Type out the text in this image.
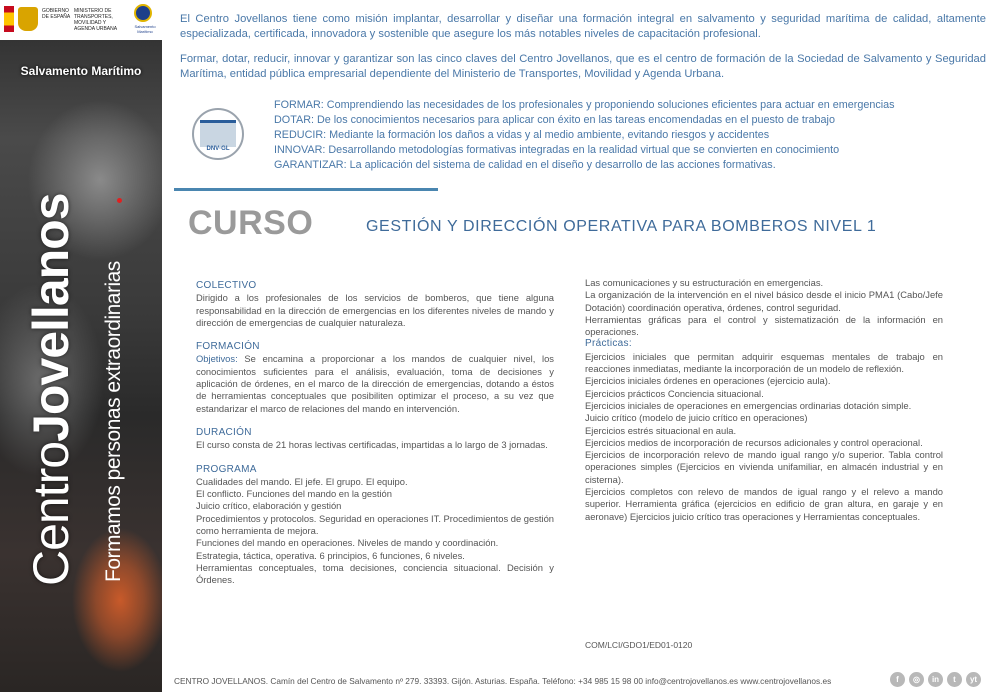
GOBIERNO DE ESPAÑA
MINISTERIO DE TRANSPORTES, MOVILIDAD Y AGENDA URBANA	Salvamento Marítimo
Salvamento Marítimo
CentroJovellanos Formamos personas extraordinarias

El Centro Jovellanos tiene como misión implantar, desarrollar y diseñar una formación integral en salvamento y seguridad marítima de calidad, altamente especializada, certificada, innovadora y sostenible que asegure los más notables niveles de capacitación profesional.

Formar, dotar, reducir, innovar y garantizar son las cinco claves del Centro Jovellanos, que es el centro de formación de la Sociedad de Salvamento y Seguridad Marítima, entidad pública empresarial dependiente del Ministerio de Transportes, Movilidad y Agenda Urbana.

DNV·GL
FORMAR: Comprendiendo las necesidades de los profesionales y proponiendo soluciones eficientes para actuar en emergencias
DOTAR: De los conocimientos necesarios para aplicar con éxito en las tareas encomendadas en el puesto de trabajo
REDUCIR: Mediante la formación los daños a vidas y al medio ambiente, evitando riesgos y accidentes
INNOVAR: Desarrollando metodologías formativas integradas en la realidad virtual que se convierten en conocimiento
GARANTIZAR: La aplicación del sistema de calidad en el diseño y desarrollo de las acciones formativas.
CURSO	GESTIÓN Y DIRECCIÓN OPERATIVA PARA BOMBEROS NIVEL 1
COLECTIVO

Dirigido a los profesionales de los servicios de bomberos, que tiene alguna responsabilidad en la dirección de emergencias en los diferentes niveles de mando y dirección de emergencias de cualquier naturaleza.

FORMACIÓN

Objetivos: Se encamina a proporcionar a los mandos de cualquier nivel, los conocimientos suficientes para el análisis, evaluación, toma de decisiones y aplicación de órdenes, en el marco de la dirección de emergencias, dotando a éstos de herramientas conceptuales que posibiliten optimizar el proceso, a su vez que estandarizar el marco de relaciones del mando en intervención.

DURACIÓN

El curso consta de 21 horas lectivas certificadas, impartidas a lo largo de 3 jornadas.

PROGRAMA

Cualidades del mando. El jefe. El grupo. El equipo.

El conflicto. Funciones del mando en la gestión

Juicio crítico, elaboración y gestión

Procedimientos y protocolos. Seguridad en operaciones IT. Procedimientos de gestión como herramienta de mejora.

Funciones del mando en operaciones. Niveles de mando y coordinación.

Estrategia, táctica, operativa. 6 principios, 6 funciones, 6 niveles.

Herramientas conceptuales, toma decisiones, conciencia situacional. Decisión y Órdenes.

Las comunicaciones y su estructuración en emergencias.

La organización de la intervención en el nivel básico desde el inicio PMA1 (Cabo/Jefe Dotación) coordinación operativa, órdenes, control seguridad.

Herramientas gráficas para el control y sistematización de la información en operaciones.

Prácticas:

Ejercicios iniciales que permitan adquirir esquemas mentales de trabajo en reacciones inmediatas, mediante la incorporación de un modelo de reflexión.

Ejercicios iniciales órdenes en operaciones (ejercicio aula).

Ejercicios prácticos Conciencia situacional.

Ejercicios iniciales de operaciones en emergencias ordinarias dotación simple.

Juicio crítico (modelo de juicio crítico en operaciones)

Ejercicios estrés situacional en aula.

Ejercicios medios de incorporación de recursos adicionales y control operacional.

Ejercicios de incorporación relevo de mando igual rango y/o superior. Tabla control operaciones simples (Ejercicios en vivienda unifamiliar, en almacén industrial y en cisterna).

Ejercicios completos con relevo de mandos de igual rango y el relevo a mando superior. Herramienta gráfica (ejercicios en edificio de gran altura, en garaje y en aeronave) Ejercicios juicio crítico tras operaciones y Herramientas conceptuales.

COM/LCI/GDO1/ED01-0120
CENTRO JOVELLANOS. Camín del Centro de Salvamento nº 279. 33393. Gijón. Asturias. España. Teléfono: +34 985 15 98 00 info@centrojovellanos.es www.centrojovellanos.es	f	◎	in	t	yt
